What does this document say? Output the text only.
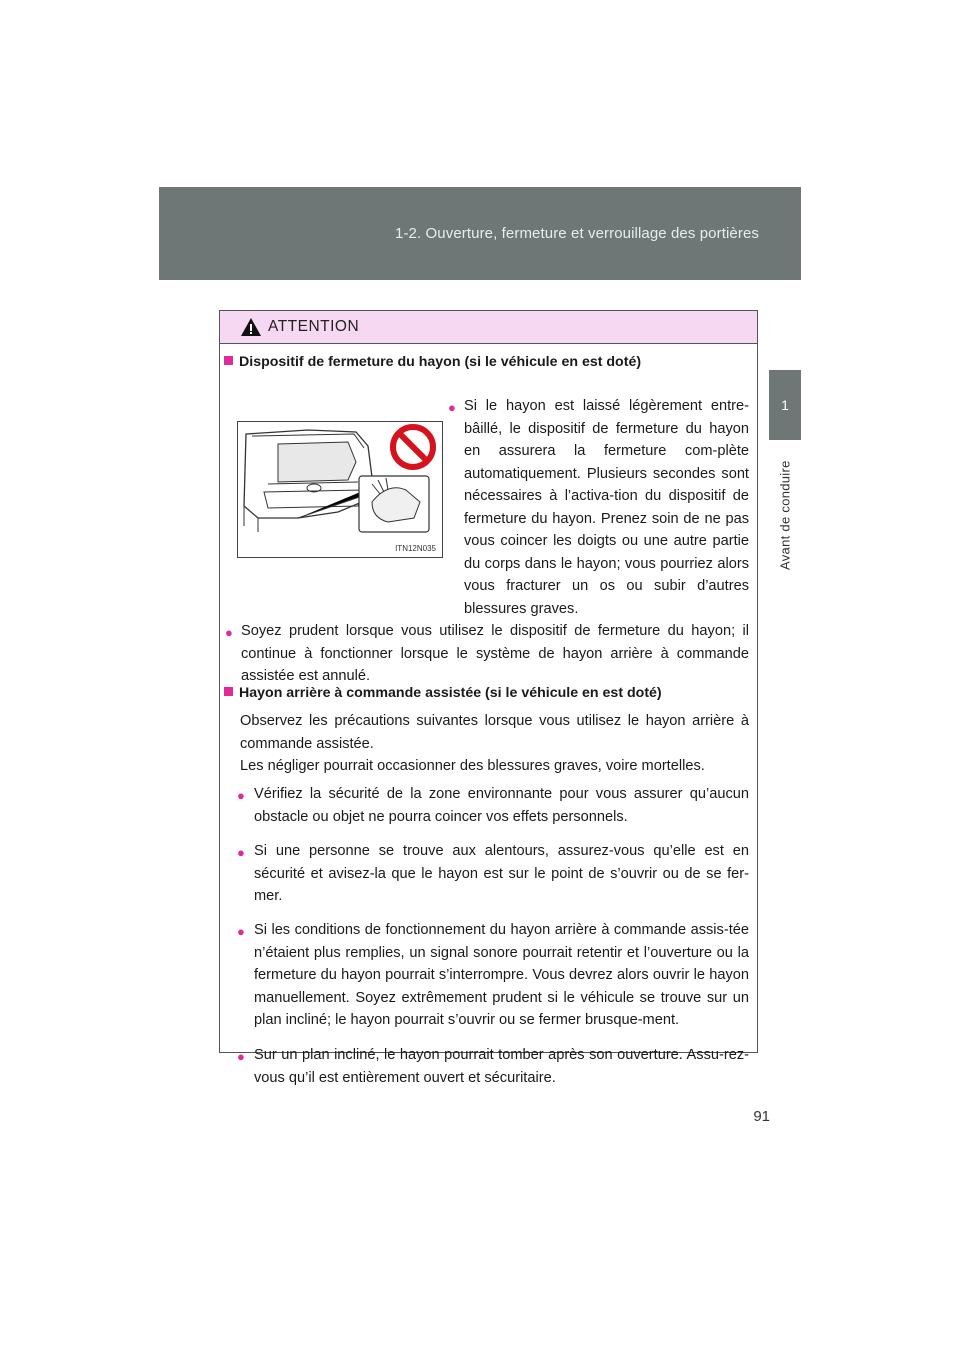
1-2. Ouverture, fermeture et verrouillage des portières
1
Avant de conduire
ATTENTION
Dispositif de fermeture du hayon (si le véhicule en est doté)
ITN12N035
● Si le hayon est laissé légèrement entre-bâillé, le dispositif de fermeture du hayon en assurera la fermeture com-plète automatiquement. Plusieurs secondes sont nécessaires à l’activa-tion du dispositif de fermeture du hayon. Prenez soin de ne pas vous coincer les doigts ou une autre partie du corps dans le hayon; vous pourriez alors vous fracturer un os ou subir d’autres blessures graves.
● Soyez prudent lorsque vous utilisez le dispositif de fermeture du hayon; il continue à fonctionner lorsque le système de hayon arrière à commande assistée est annulé.
Hayon arrière à commande assistée (si le véhicule en est doté)
Observez les précautions suivantes lorsque vous utilisez le hayon arrière à commande assistée.
Les négliger pourrait occasionner des blessures graves, voire mortelles.
● Vérifiez la sécurité de la zone environnante pour vous assurer qu’aucun obstacle ou objet ne pourra coincer vos effets personnels.
● Si une personne se trouve aux alentours, assurez-vous qu’elle est en sécurité et avisez-la que le hayon est sur le point de s’ouvrir ou de se fer-mer.
● Si les conditions de fonctionnement du hayon arrière à commande assis-tée n’étaient plus remplies, un signal sonore pourrait retentir et l’ouverture ou la fermeture du hayon pourrait s’interrompre. Vous devrez alors ouvrir le hayon manuellement. Soyez extrêmement prudent si le véhicule se trouve sur un plan incliné; le hayon pourrait s’ouvrir ou se fermer brusque-ment.
● Sur un plan incliné, le hayon pourrait tomber après son ouverture. Assu-rez-vous qu’il est entièrement ouvert et sécuritaire.
91
